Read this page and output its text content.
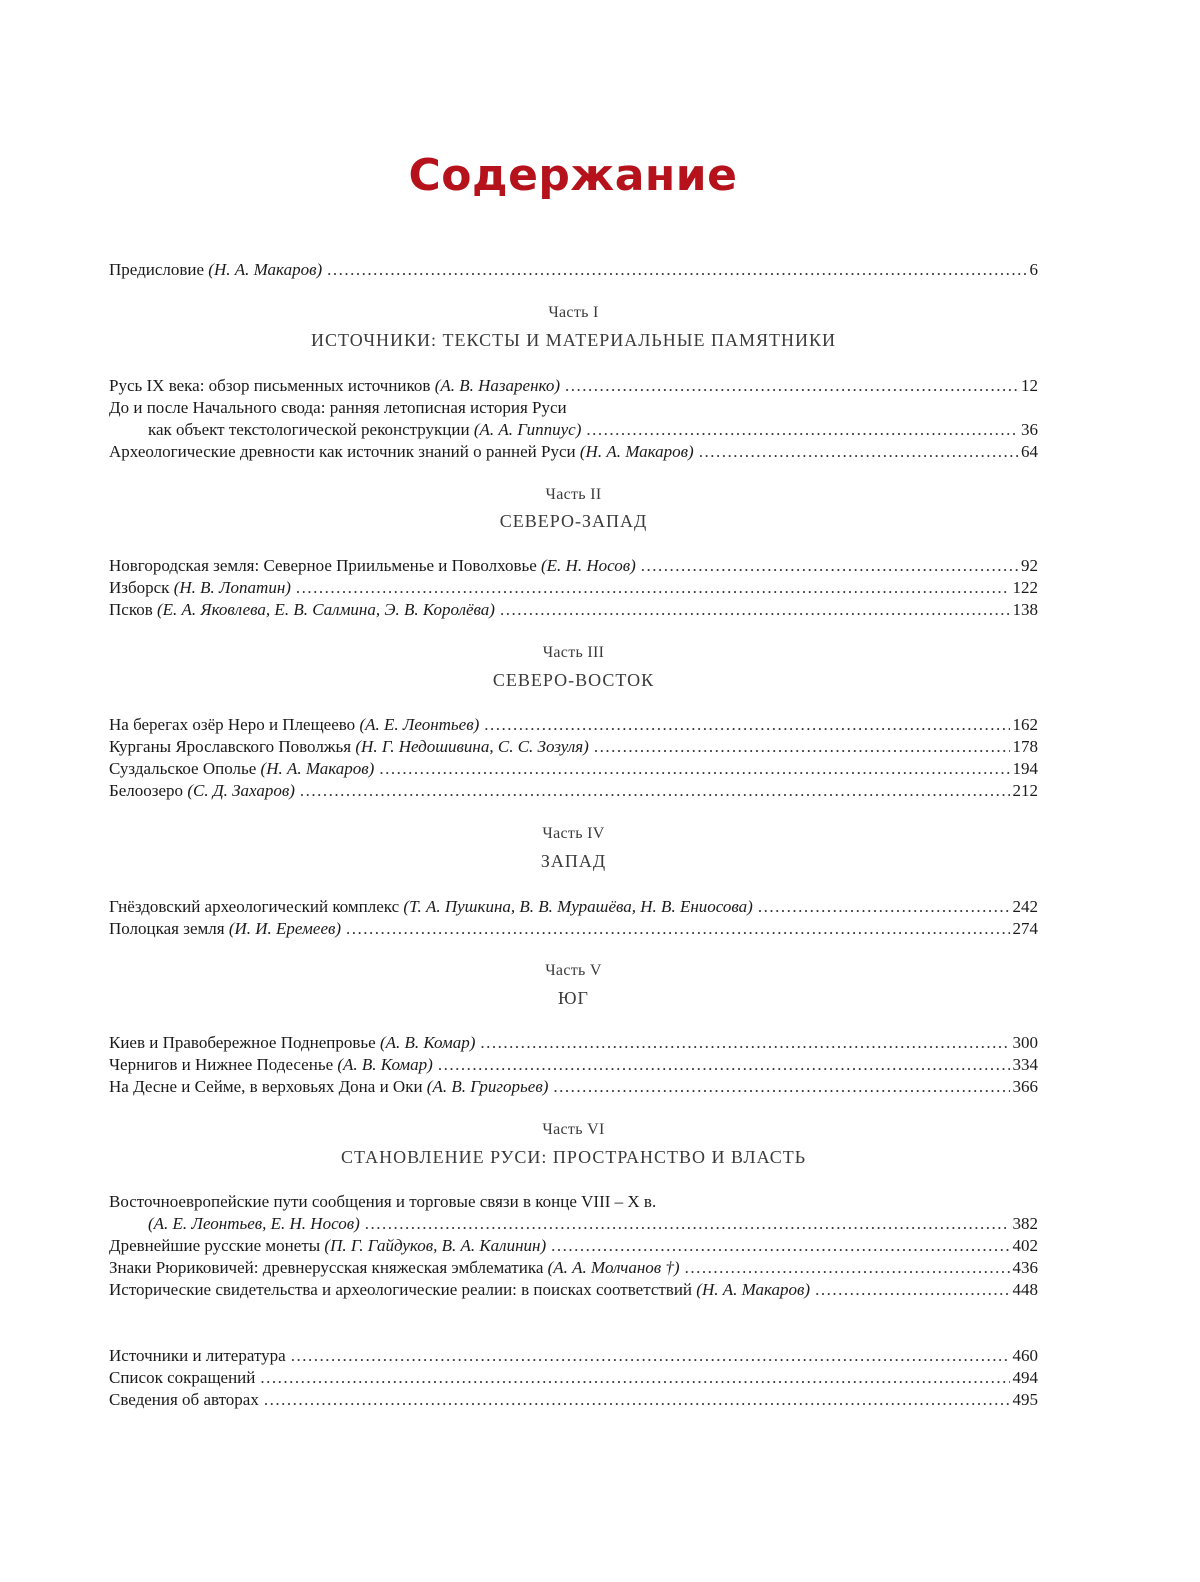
Содержание
Предисловие (Н. А. Макаров) .....	6
Часть I
ИСТОЧНИКИ: ТЕКСТЫ И МАТЕРИАЛЬНЫЕ ПАМЯТНИКИ
Русь IX века: обзор письменных источников (А. В. Назаренко) .....	12
До и после Начального свода: ранняя летописная история Руси
как объект текстологической реконструкции (А. А. Гиппиус) .....	36
Археологические древности как источник знаний о ранней Руси (Н. А. Макаров) .....	64
Часть II
СЕВЕРО-ЗАПАД
Новгородская земля: Северное Приильменье и Поволховье (Е. Н. Носов) .....	92
Изборск (Н. В. Лопатин) .....	122
Псков (Е. А. Яковлева, Е. В. Салмина, Э. В. Королёва) .....	138
Часть III
СЕВЕРО-ВОСТОК
На берегах озёр Неро и Плещеево (А. Е. Леонтьев) .....	162
Курганы Ярославского Поволжья (Н. Г. Недошивина, С. С. Зозуля) .....	178
Суздальское Ополье (Н. А. Макаров) .....	194
Белоозеро (С. Д. Захаров) .....	212
Часть IV
ЗАПАД
Гнёздовский археологический комплекс (Т. А. Пушкина, В. В. Мурашёва, Н. В. Ениосова) .....	242
Полоцкая земля (И. И. Еремеев) .....	274
Часть V
ЮГ
Киев и Правобережное Поднепровье (А. В. Комар) .....	300
Чернигов и Нижнее Подесенье (А. В. Комар) .....	334
На Десне и Сейме, в верховьях Дона и Оки (А. В. Григорьев) .....	366
Часть VI
СТАНОВЛЕНИЕ РУСИ: ПРОСТРАНСТВО И ВЛАСТЬ
Восточноевропейские пути сообщения и торговые связи в конце VIII – X в.
(А. Е. Леонтьев, Е. Н. Носов) .....	382
Древнейшие русские монеты (П. Г. Гайдуков, В. А. Калинин) .....	402
Знаки Рюриковичей: древнерусская княжеская эмблематика (А. А. Молчанов †) .....	436
Исторические свидетельства и археологические реалии: в поисках соответствий (Н. А. Макаров) .....	448
Источники и литература .....	460
Список сокращений .....	494
Сведения об авторах .....	495
